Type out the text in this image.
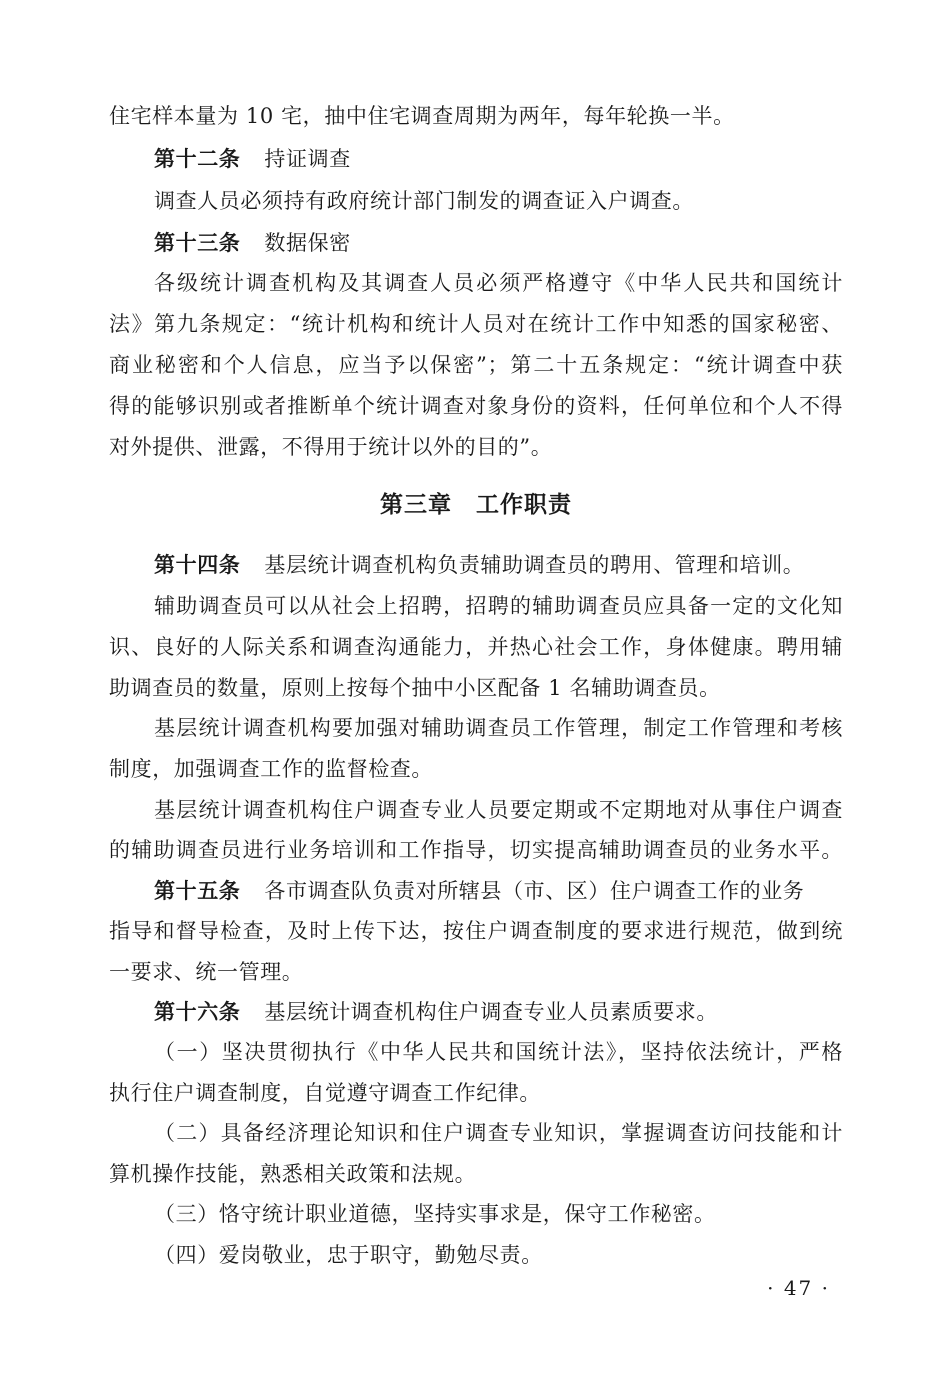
住宅样本量为 10 宅，抽中住宅调查周期为两年，每年轮换一半。
第十二条 持证调查
调查人员必须持有政府统计部门制发的调查证入户调查。
第十三条 数据保密
各级统计调查机构及其调查人员必须严格遵守《中华人民共和国统计
法》第九条规定：“统计机构和统计人员对在统计工作中知悉的国家秘密、
商业秘密和个人信息，应当予以保密”；第二十五条规定：“统计调查中获
得的能够识别或者推断单个统计调查对象身份的资料，任何单位和个人不得
对外提供、泄露，不得用于统计以外的目的”。
第三章　工作职责
第十四条 基层统计调查机构负责辅助调查员的聘用、管理和培训。
辅助调查员可以从社会上招聘，招聘的辅助调查员应具备一定的文化知
识、良好的人际关系和调查沟通能力，并热心社会工作，身体健康。聘用辅
助调查员的数量，原则上按每个抽中小区配备 1 名辅助调查员。
基层统计调查机构要加强对辅助调查员工作管理，制定工作管理和考核
制度，加强调查工作的监督检查。
基层统计调查机构住户调查专业人员要定期或不定期地对从事住户调查
的辅助调查员进行业务培训和工作指导，切实提高辅助调查员的业务水平。
第十五条 各市调查队负责对所辖县（市、区）住户调查工作的业务
指导和督导检查，及时上传下达，按住户调查制度的要求进行规范，做到统
一要求、统一管理。
第十六条 基层统计调查机构住户调查专业人员素质要求。
（一）坚决贯彻执行《中华人民共和国统计法》，坚持依法统计，严格
执行住户调查制度，自觉遵守调查工作纪律。
（二）具备经济理论知识和住户调查专业知识，掌握调查访问技能和计
算机操作技能，熟悉相关政策和法规。
（三）恪守统计职业道德，坚持实事求是，保守工作秘密。
（四）爱岗敬业，忠于职守，勤勉尽责。
· 47 ·
